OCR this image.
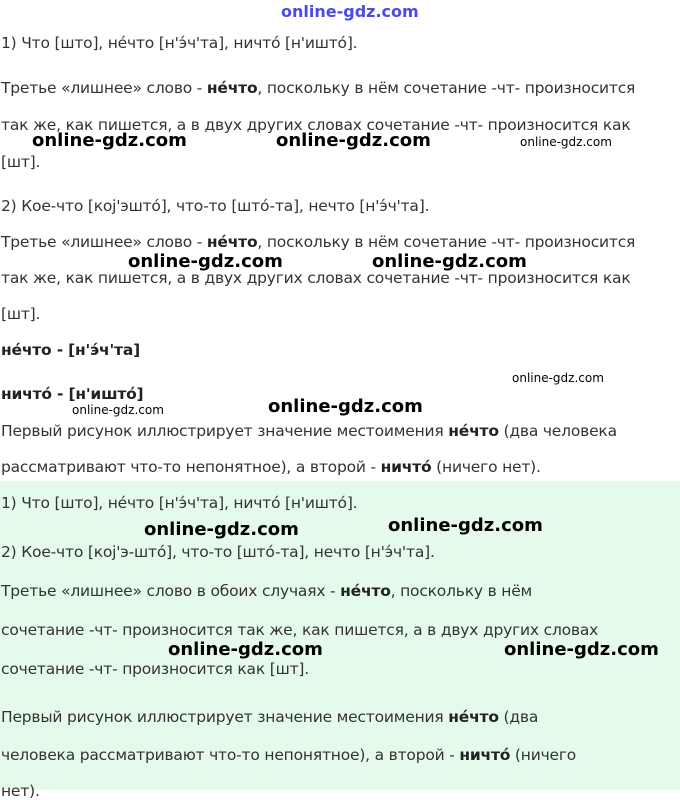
1) Что [што], нéчто [н'э́ч'та], ничтó [н'ишто́].
Третье «лишнее» слово - нéчто, поскольку в нём сочетание -чт- произносится
так же, как пишется, а в двух других словах сочетание -чт- произносится как
[шт].
2) Кое-что [кој'эштó], что-то [штó-та], нечто [н'э́ч'та].
Третье «лишнее» слово - нéчто, поскольку в нём сочетание -чт- произносится
так же, как пишется, а в двух других словах сочетание -чт- произносится как
[шт].
нéчто - [н'э́ч'та]
ничтó - [н'иштó]
Первый рисунок иллюстрирует значение местоимения нéчто (два человека
рассматривают что-то непонятное), а второй - ничтó (ничего нет).
1) Что [што], нéчто [н'э́ч'та], ничтó [н'иштó].
2) Кое-что [кој'э-штó], что-то [штó-та], нечто [н'э́ч'та].
Третье «лишнее» слово в обоих случаях - нéчто, поскольку в нём
сочетание -чт- произносится так же, как пишется, а в двух других словах
сочетание -чт- произносится как [шт].
Первый рисунок иллюстрирует значение местоимения нéчто (два
человека рассматривают что-то непонятное), а второй - ничтó (ничего
нет).
online-gdz.com
online-gdz.com	online-gdz.com	online-gdz.com
online-gdz.com	online-gdz.com
online-gdz.com
online-gdz.com	online-gdz.com
online-gdz.com	online-gdz.com
online-gdz.com	online-gdz.com
